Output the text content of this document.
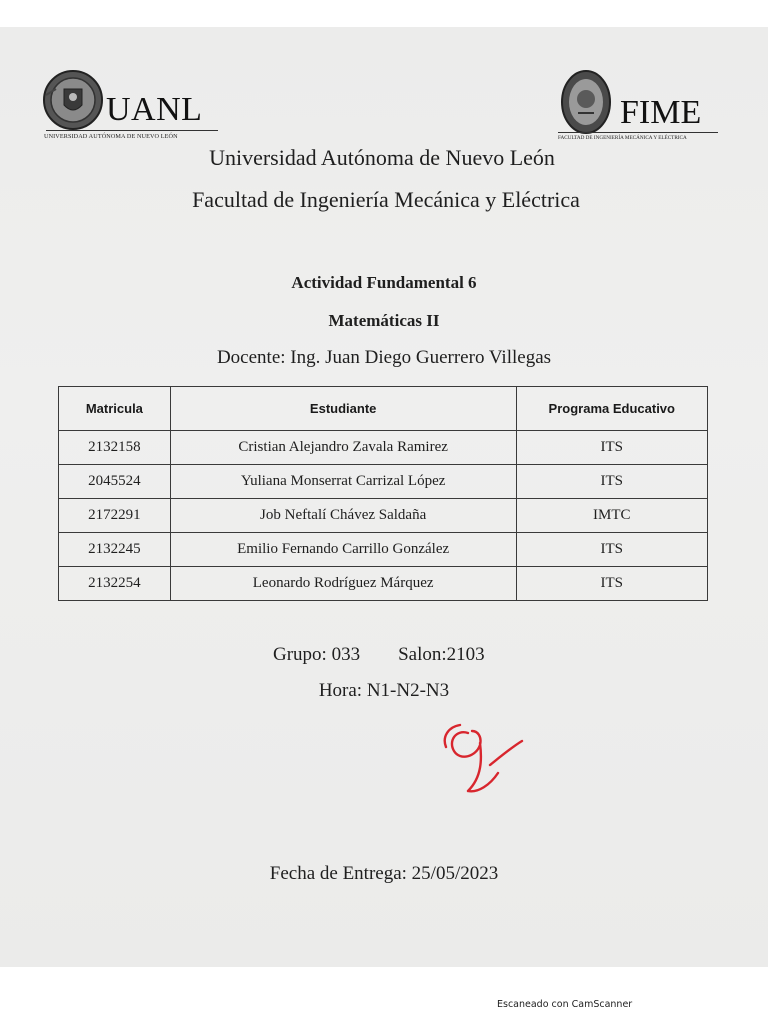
UANL
UNIVERSIDAD AUTÓNOMA DE NUEVO LEÓN
FIME
FACULTAD DE INGENIERÍA MECÁNICA Y ELÉCTRICA
Universidad Autónoma de Nuevo León
Facultad de Ingeniería Mecánica y Eléctrica
Actividad Fundamental 6
Matemáticas II
Docente: Ing. Juan Diego Guerrero Villegas
Matricula	Estudiante	Programa Educativo
2132158	Cristian Alejandro Zavala Ramirez	ITS
2045524	Yuliana Monserrat Carrizal López	ITS
2172291	Job Neftalí Chávez Saldaña	IMTC
2132245	Emilio Fernando Carrillo González	ITS
2132254	Leonardo Rodríguez Márquez	ITS
Grupo: 033 Salon:2103
Hora: N1-N2-N3
Fecha de Entrega: 25/05/2023
Escaneado con CamScanner
